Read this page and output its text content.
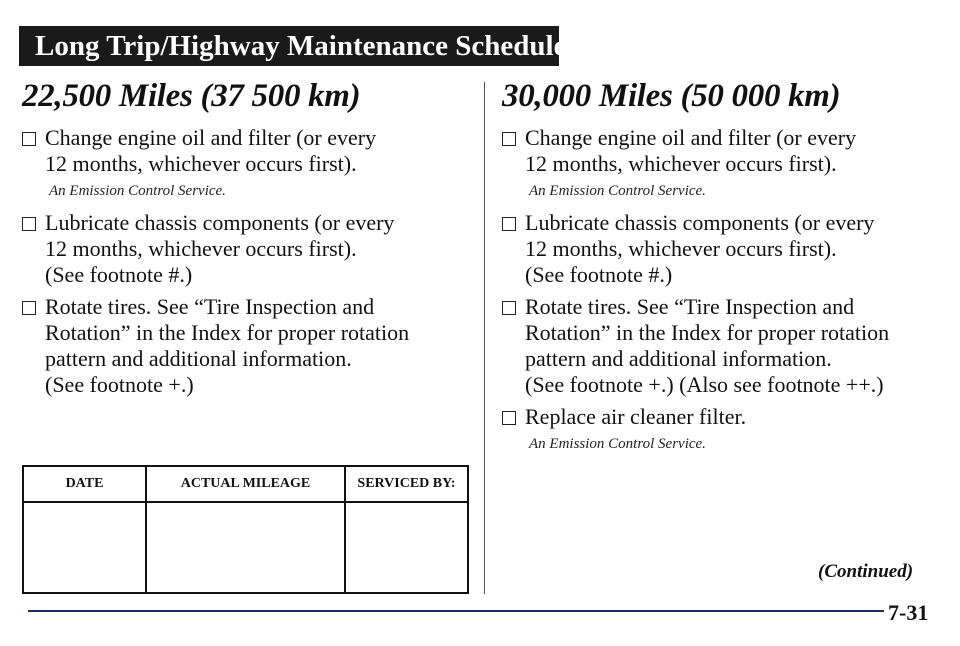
Long Trip/Highway Maintenance Schedule
22,500 Miles (37 500 km)
Change engine oil and filter (or every
12 months, whichever occurs first).
An Emission Control Service.
Lubricate chassis components (or every
12 months, whichever occurs first).
(See footnote #.)
Rotate tires. See “Tire Inspection and
Rotation” in the Index for proper rotation
pattern and additional information.
(See footnote +.)
DATE	ACTUAL MILEAGE	SERVICED BY:

30,000 Miles (50 000 km)
Change engine oil and filter (or every
12 months, whichever occurs first).
An Emission Control Service.
Lubricate chassis components (or every
12 months, whichever occurs first).
(See footnote #.)
Rotate tires. See “Tire Inspection and
Rotation” in the Index for proper rotation
pattern and additional information.
(See footnote +.) (Also see footnote ++.)
Replace air cleaner filter.
An Emission Control Service.
(Continued)
7-31
